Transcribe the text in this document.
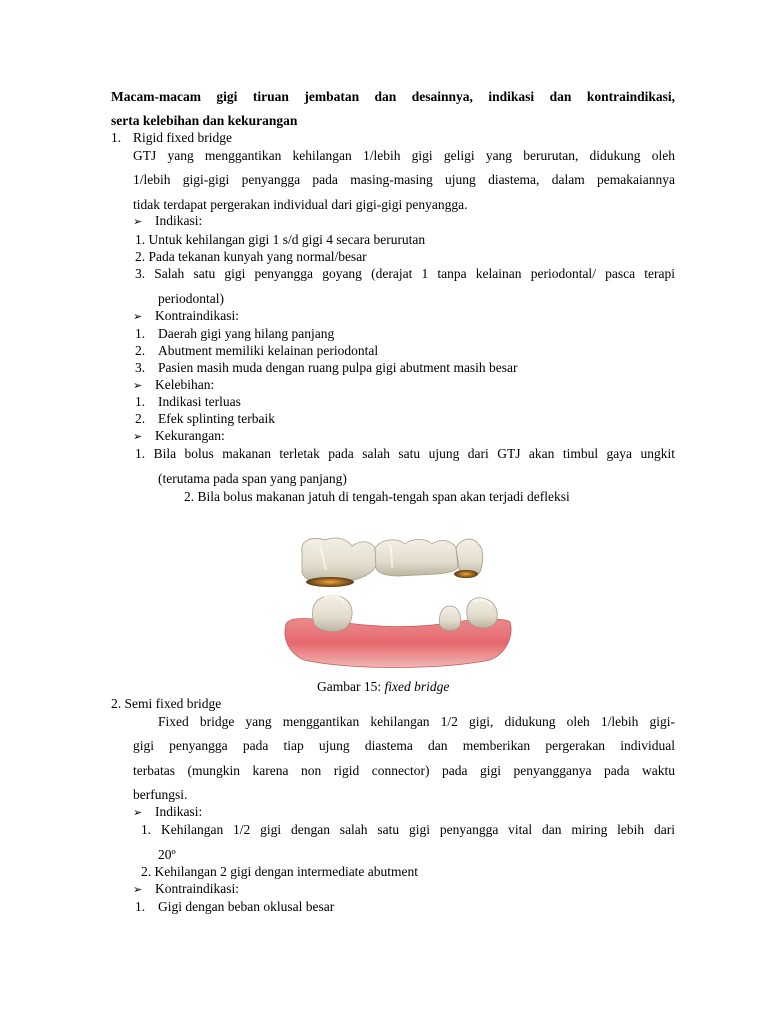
Macam-macam gigi tiruan jembatan dan desainnya, indikasi dan kontraindikasi,
serta kelebihan dan kekurangan
1. Rigid fixed bridge
GTJ yang menggantikan kehilangan 1/lebih gigi geligi yang berurutan, didukung oleh
1/lebih gigi-gigi penyangga pada masing-masing ujung diastema, dalam pemakaiannya
tidak terdapat pergerakan individual dari gigi-gigi penyangga.
➢ Indikasi:
1. Untuk kehilangan gigi 1 s/d gigi 4 secara berurutan
2. Pada tekanan kunyah yang normal/besar
3. Salah satu gigi penyangga goyang (derajat 1 tanpa kelainan periodontal/ pasca terapi
periodontal)
➢ Kontraindikasi:
1. Daerah gigi yang hilang panjang
2. Abutment memiliki kelainan periodontal
3. Pasien masih muda dengan ruang pulpa gigi abutment masih besar
➢ Kelebihan:
1. Indikasi terluas
2. Efek splinting terbaik
➢ Kekurangan:
1. Bila bolus makanan terletak pada salah satu ujung dari GTJ akan timbul gaya ungkit
(terutama pada span yang panjang)
2. Bila bolus makanan jatuh di tengah-tengah span akan terjadi defleksi
Gambar 15: fixed bridge
2. Semi fixed bridge
Fixed bridge yang menggantikan kehilangan 1/2 gigi, didukung oleh 1/lebih gigi-
gigi penyangga pada tiap ujung diastema dan memberikan pergerakan individual
terbatas (mungkin karena non rigid connector) pada gigi penyangganya pada waktu
berfungsi.
➢ Indikasi:
1. Kehilangan 1/2 gigi dengan salah satu gigi penyangga vital dan miring lebih dari
20º
2. Kehilangan 2 gigi dengan intermediate abutment
➢ Kontraindikasi:
1. Gigi dengan beban oklusal besar
